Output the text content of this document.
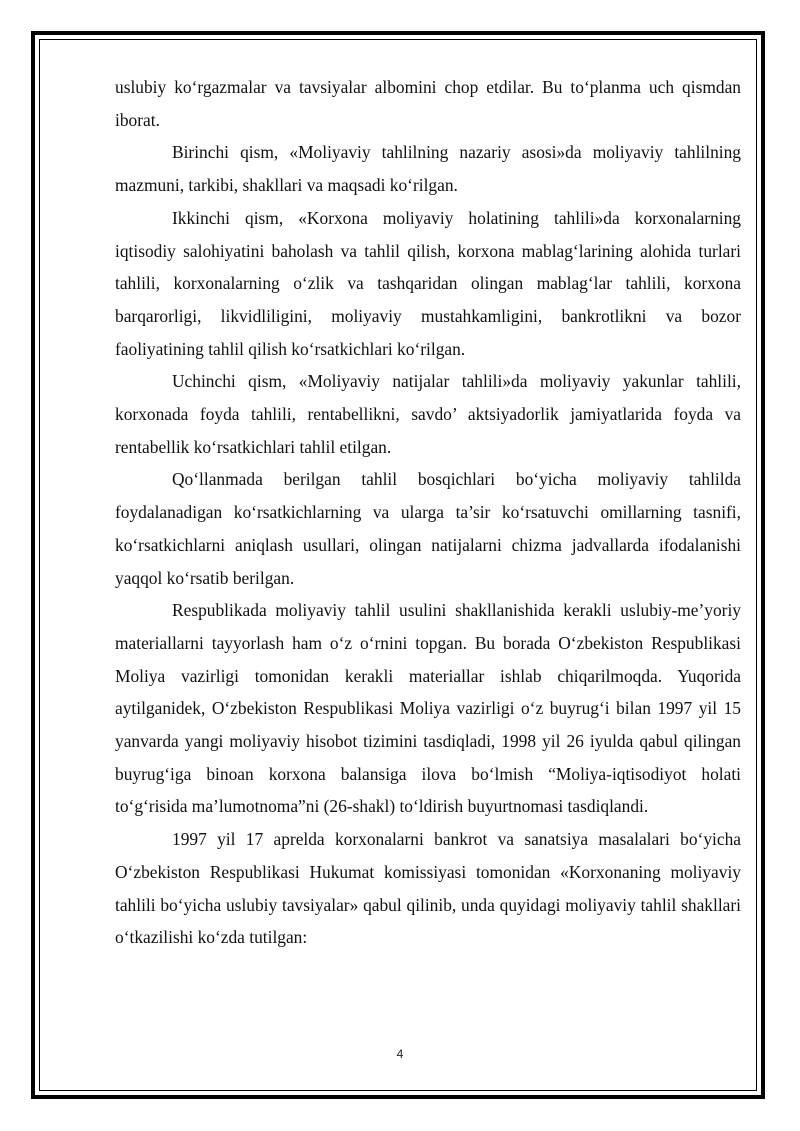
uslubiy ko‘rgazmalar va tavsiyalar albomini chop etdilar. Bu to‘planma uch qismdan iborat.

Birinchi qism, «Moliyaviy tahlilning nazariy asosi»da moliyaviy tahlilning mazmuni, tarkibi, shakllari va maqsadi ko‘rilgan.

Ikkinchi qism, «Korxona moliyaviy holatining tahlili»da korxonalarning iqtisodiy salohiyatini baholash va tahlil qilish, korxona mablag‘larining alohida turlari tahlili, korxonalarning o‘zlik va tashqaridan olingan mablag‘lar tahlili, korxona barqarorligi, likvidliligini, moliyaviy mustahkamligini, bankrotlikni va bozor faoliyatining tahlil qilish ko‘rsatkichlari ko‘rilgan.

Uchinchi qism, «Moliyaviy natijalar tahlili»da moliyaviy yakunlar tahlili, korxonada foyda tahlili, rentabellikni, savdo’ aktsiyadorlik jamiyatlarida foyda va rentabellik ko‘rsatkichlari tahlil etilgan.

Qo‘llanmada berilgan tahlil bosqichlari bo‘yicha moliyaviy tahlilda foydalanadigan ko‘rsatkichlarning va ularga ta’sir ko‘rsatuvchi omillarning tasnifi, ko‘rsatkichlarni aniqlash usullari, olingan natijalarni chizma jadvallarda ifodalanishi yaqqol ko‘rsatib berilgan.

Respublikada moliyaviy tahlil usulini shakllanishida kerakli uslubiy-me’yoriy materiallarni tayyorlash ham o‘z o‘rnini topgan. Bu borada O‘zbekiston Respublikasi Moliya vazirligi tomonidan kerakli materiallar ishlab chiqarilmoqda. Yuqorida aytilganidek, O‘zbekiston Respublikasi Moliya vazirligi o‘z buyrug‘i bilan 1997 yil 15 yanvarda yangi moliyaviy hisobot tizimini tasdiqladi, 1998 yil 26 iyulda qabul qilingan buyrug‘iga binoan korxona balansiga ilova bo‘lmish “Moliya-iqtisodiyot holati to‘g‘risida ma’lumotnoma”ni (26-shakl) to‘ldirish buyurtnomasi tasdiqlandi.

1997 yil 17 aprelda korxonalarni bankrot va sanatsiya masalalari bo‘yicha O‘zbekiston Respublikasi Hukumat komissiyasi tomonidan «Korxonaning moliyaviy tahlili bo‘yicha uslubiy tavsiyalar» qabul qilinib, unda quyidagi moliyaviy tahlil shakllari o‘tkazilishi ko‘zda tutilgan:

4
